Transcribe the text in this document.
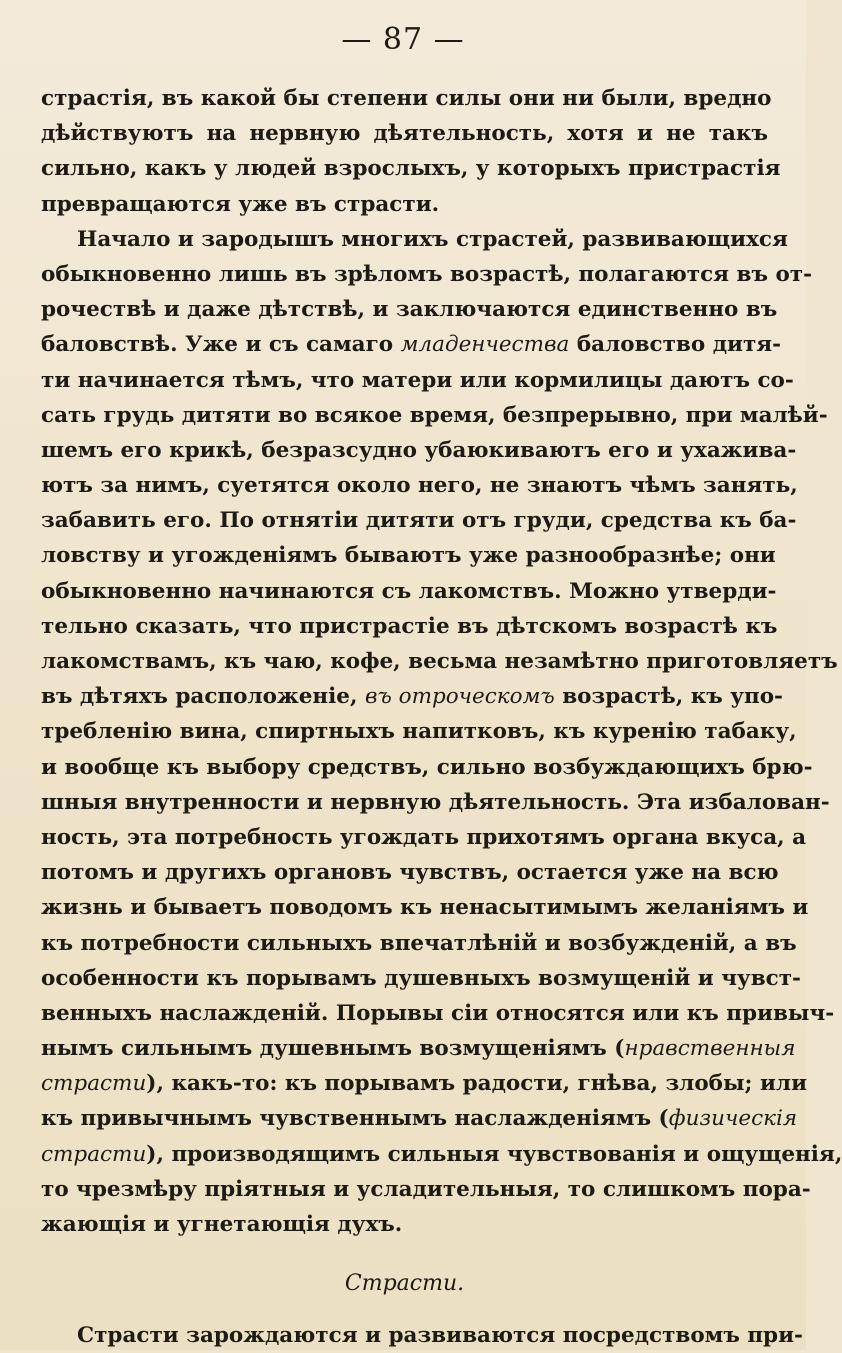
— 87 —
страстія, въ какой бы степени силы они ни были, вредно
дѣйствуютъ на нервную дѣятельность, хотя и не такъ
сильно, какъ у людей взрослыхъ, у которыхъ пристрастія
превращаются уже въ страсти.
Начало и зародышъ многихъ страстей, развивающихся
обыкновенно лишь въ зрѣломъ возрастѣ, полагаются въ от-
рочествѣ и даже дѣтствѣ, и заключаются единственно въ
баловствѣ. Уже и съ самаго младенчества баловство дитя-
ти начинается тѣмъ, что матери или кормилицы даютъ со-
сать грудь дитяти во всякое время, безпрерывно, при малѣй-
шемъ его крикѣ, безразсудно убаюкиваютъ его и ухажива-
ютъ за нимъ, суетятся около него, не знаютъ чѣмъ занять,
забавить его. По отнятіи дитяти отъ груди, средства къ ба-
ловству и угожденіямъ бываютъ уже разнообразнѣе; они
обыкновенно начинаются съ лакомствъ. Можно утверди-
тельно сказать, что пристрастіе въ дѣтскомъ возрастѣ къ
лакомствамъ, къ чаю, кофе, весьма незамѣтно приготовляетъ
въ дѣтяхъ расположеніе, въ отроческомъ возрастѣ, къ упо-
требленію вина, спиртныхъ напитковъ, къ куренію табаку,
и вообще къ выбору средствъ, сильно возбуждающихъ брю-
шныя внутренности и нервную дѣятельность. Эта избалован-
ность, эта потребность угождать прихотямъ органа вкуса, а
потомъ и другихъ органовъ чувствъ, остается уже на всю
жизнь и бываетъ поводомъ къ ненасытимымъ желаніямъ и
къ потребности сильныхъ впечатлѣній и возбужденій, а въ
особенности къ порывамъ душевныхъ возмущеній и чувст-
венныхъ наслажденій. Порывы сіи относятся или къ привыч-
нымъ сильнымъ душевнымъ возмущеніямъ (нравственныя
страсти), какъ-то: къ порывамъ радости, гнѣва, злобы; или
къ привычнымъ чувственнымъ наслажденіямъ (физическія
страсти), производящимъ сильныя чувствованія и ощущенія,
то чрезмѣру пріятныя и усладительныя, то слишкомъ пора-
жающія и угнетающія духъ.
Страсти.
Страсти зарождаются и развиваются посредствомъ при-
